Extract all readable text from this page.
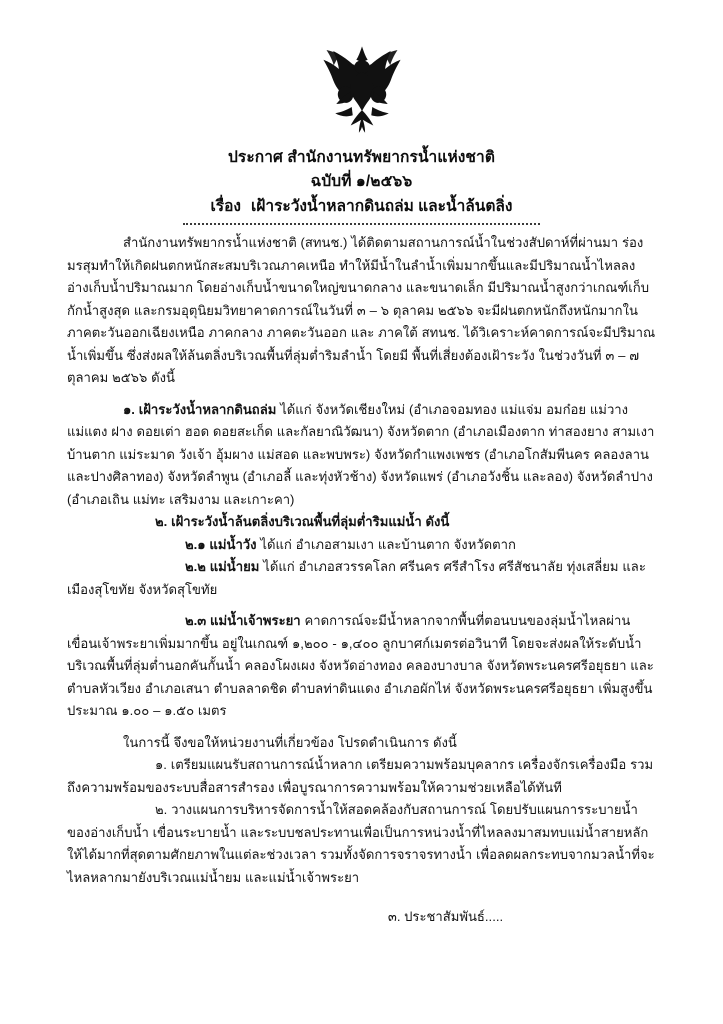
ประกาศ สำนักงานทรัพยากรน้ำแห่งชาติ
ฉบับที่ ๑/๒๕๖๖
เรื่อง เฝ้าระวังน้ำหลากดินถล่ม และน้ำล้นตลิ่ง

สำนักงานทรัพยากรน้ำแห่งชาติ (สทนช.) ได้ติดตามสถานการณ์น้ำในช่วงสัปดาห์ที่ผ่านมา ร่องมรสุมทำให้เกิดฝนตกหนักสะสมบริเวณภาคเหนือ ทำให้มีน้ำในลำน้ำเพิ่มมากขึ้นและมีปริมาณน้ำไหลลงอ่างเก็บน้ำปริมาณมาก โดยอ่างเก็บน้ำขนาดใหญ่ขนาดกลาง และขนาดเล็ก มีปริมาณน้ำสูงกว่าเกณฑ์เก็บกักน้ำสูงสุด และกรมอุตุนิยมวิทยาคาดการณ์ในวันที่ ๓ – ๖ ตุลาคม ๒๕๖๖ จะมีฝนตกหนักถึงหนักมากในภาคตะวันออกเฉียงเหนือ ภาคกลาง ภาคตะวันออก และ ภาคใต้ สทนช. ได้วิเคราะห์คาดการณ์จะมีปริมาณน้ำเพิ่มขึ้น ซึ่งส่งผลให้ล้นตลิ่งบริเวณพื้นที่ลุ่มต่ำริมลำน้ำ โดยมี พื้นที่เสี่ยงต้องเฝ้าระวัง ในช่วงวันที่ ๓ – ๗ ตุลาคม ๒๕๖๖ ดังนี้

๑. เฝ้าระวังน้ำหลากดินถล่ม ได้แก่ จังหวัดเชียงใหม่ (อำเภอจอมทอง แม่แจ่ม อมก๋อย แม่วาง แม่แตง ฝาง ดอยเต่า ฮอด ดอยสะเก็ด และกัลยาณิวัฒนา) จังหวัดตาก (อำเภอเมืองตาก ท่าสองยาง สามเงา บ้านตาก แม่ระมาด วังเจ้า อุ้มผาง แม่สอด และพบพระ) จังหวัดกำแพงเพชร (อำเภอโกสัมพีนคร คลองลาน และปางศิลาทอง) จังหวัดลำพูน (อำเภอลี้ และทุ่งหัวช้าง) จังหวัดแพร่ (อำเภอวังชิ้น และลอง) จังหวัดลำปาง (อำเภอเถิน แม่ทะ เสริมงาม และเกาะคา)

๒. เฝ้าระวังน้ำล้นตลิ่งบริเวณพื้นที่ลุ่มต่ำริมแม่น้ำ ดังนี้

๒.๑ แม่น้ำวัง ได้แก่ อำเภอสามเงา และบ้านตาก จังหวัดตาก

๒.๒ แม่น้ำยม ได้แก่ อำเภอสวรรคโลก ศรีนคร ศรีสำโรง ศรีสัชนาลัย ทุ่งเสลี่ยม และเมืองสุโขทัย จังหวัดสุโขทัย

๒.๓ แม่น้ำเจ้าพระยา คาดการณ์จะมีน้ำหลากจากพื้นที่ตอนบนของลุ่มน้ำไหลผ่านเขื่อนเจ้าพระยาเพิ่มมากขึ้น อยู่ในเกณฑ์ ๑,๒๐๐ - ๑,๔๐๐ ลูกบาศก์เมตรต่อวินาที โดยจะส่งผลให้ระดับน้ำบริเวณพื้นที่ลุ่มต่ำนอกคันกั้นน้ำ คลองโผงเผง จังหวัดอ่างทอง คลองบางบาล จังหวัดพระนครศรีอยุธยา และตำบลหัวเวียง อำเภอเสนา ตำบลลาดชิด ตำบลท่าดินแดง อำเภอผักไห่ จังหวัดพระนครศรีอยุธยา เพิ่มสูงขึ้นประมาณ ๑.๐๐ – ๑.๕๐ เมตร

ในการนี้ จึงขอให้หน่วยงานที่เกี่ยวข้อง โปรดดำเนินการ ดังนี้

๑. เตรียมแผนรับสถานการณ์น้ำหลาก เตรียมความพร้อมบุคลากร เครื่องจักรเครื่องมือ รวมถึงความพร้อมของระบบสื่อสารสำรอง เพื่อบูรณาการความพร้อมให้ความช่วยเหลือได้ทันที

๒. วางแผนการบริหารจัดการน้ำให้สอดคล้องกับสถานการณ์ โดยปรับแผนการระบายน้ำของอ่างเก็บน้ำ เขื่อนระบายน้ำ และระบบชลประทานเพื่อเป็นการหน่วงน้ำที่ไหลลงมาสมทบแม่น้ำสายหลักให้ได้มากที่สุดตามศักยภาพในแต่ละช่วงเวลา รวมทั้งจัดการจราจรทางน้ำ เพื่อลดผลกระทบจากมวลน้ำที่จะไหลหลากมายังบริเวณแม่น้ำยม และแม่น้ำเจ้าพระยา

๓. ประชาสัมพันธ์.....
